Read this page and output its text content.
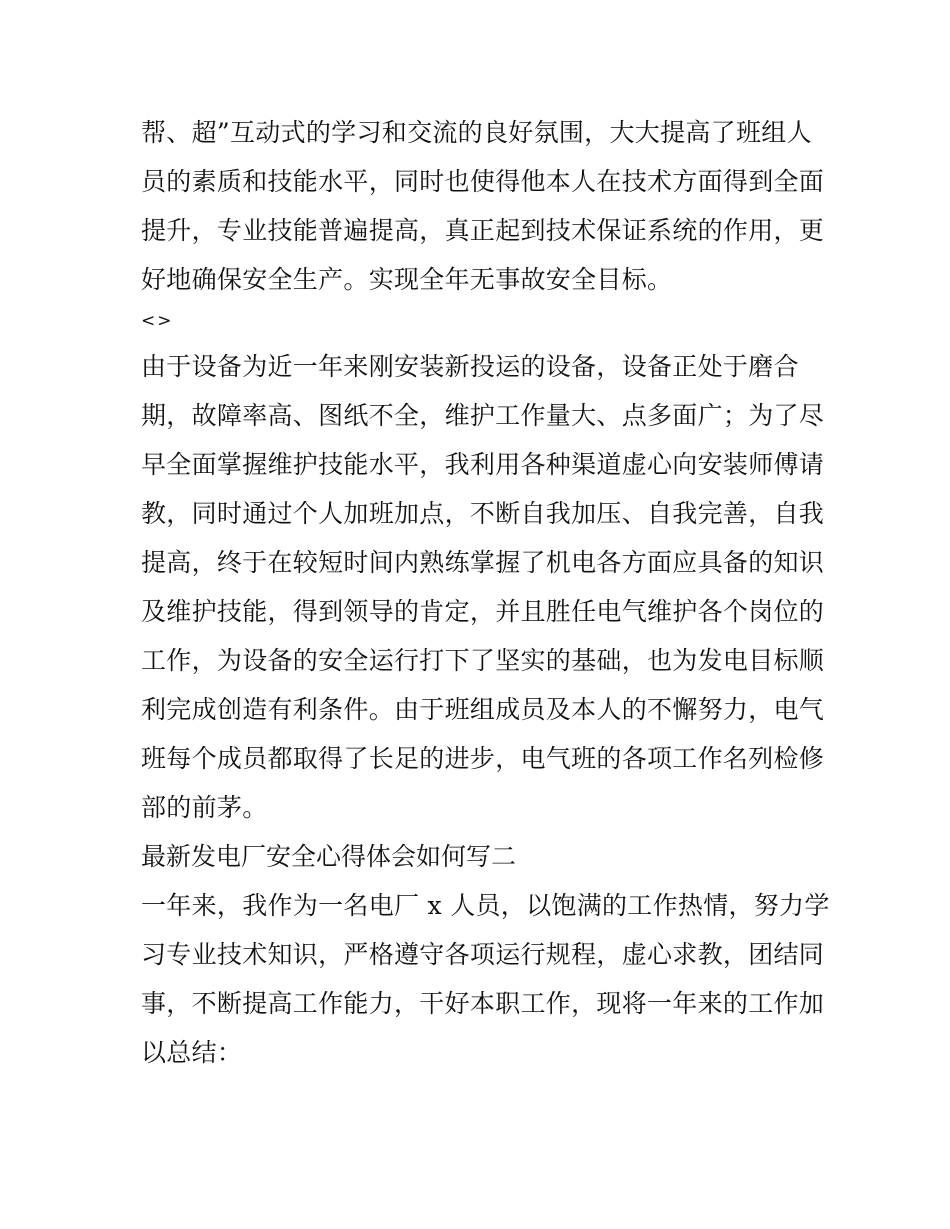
帮、超”互动式的学习和交流的良好氛围，大大提高了班组人
员的素质和技能水平，同时也使得他本人在技术方面得到全面
提升，专业技能普遍提高，真正起到技术保证系统的作用，更
好地确保安全生产。实现全年无事故安全目标。
<>
由于设备为近一年来刚安装新投运的设备，设备正处于磨合
期，故障率高、图纸不全，维护工作量大、点多面广；为了尽
早全面掌握维护技能水平，我利用各种渠道虚心向安装师傅请
教，同时通过个人加班加点，不断自我加压、自我完善，自我
提高，终于在较短时间内熟练掌握了机电各方面应具备的知识
及维护技能，得到领导的肯定，并且胜任电气维护各个岗位的
工作，为设备的安全运行打下了坚实的基础，也为发电目标顺
利完成创造有利条件。由于班组成员及本人的不懈努力，电气
班每个成员都取得了长足的进步，电气班的各项工作名列检修
部的前茅。
最新发电厂安全心得体会如何写二
一年来，我作为一名电厂 x 人员，以饱满的工作热情，努力学
习专业技术知识，严格遵守各项运行规程，虚心求教，团结同
事，不断提高工作能力，干好本职工作，现将一年来的工作加
以总结：
